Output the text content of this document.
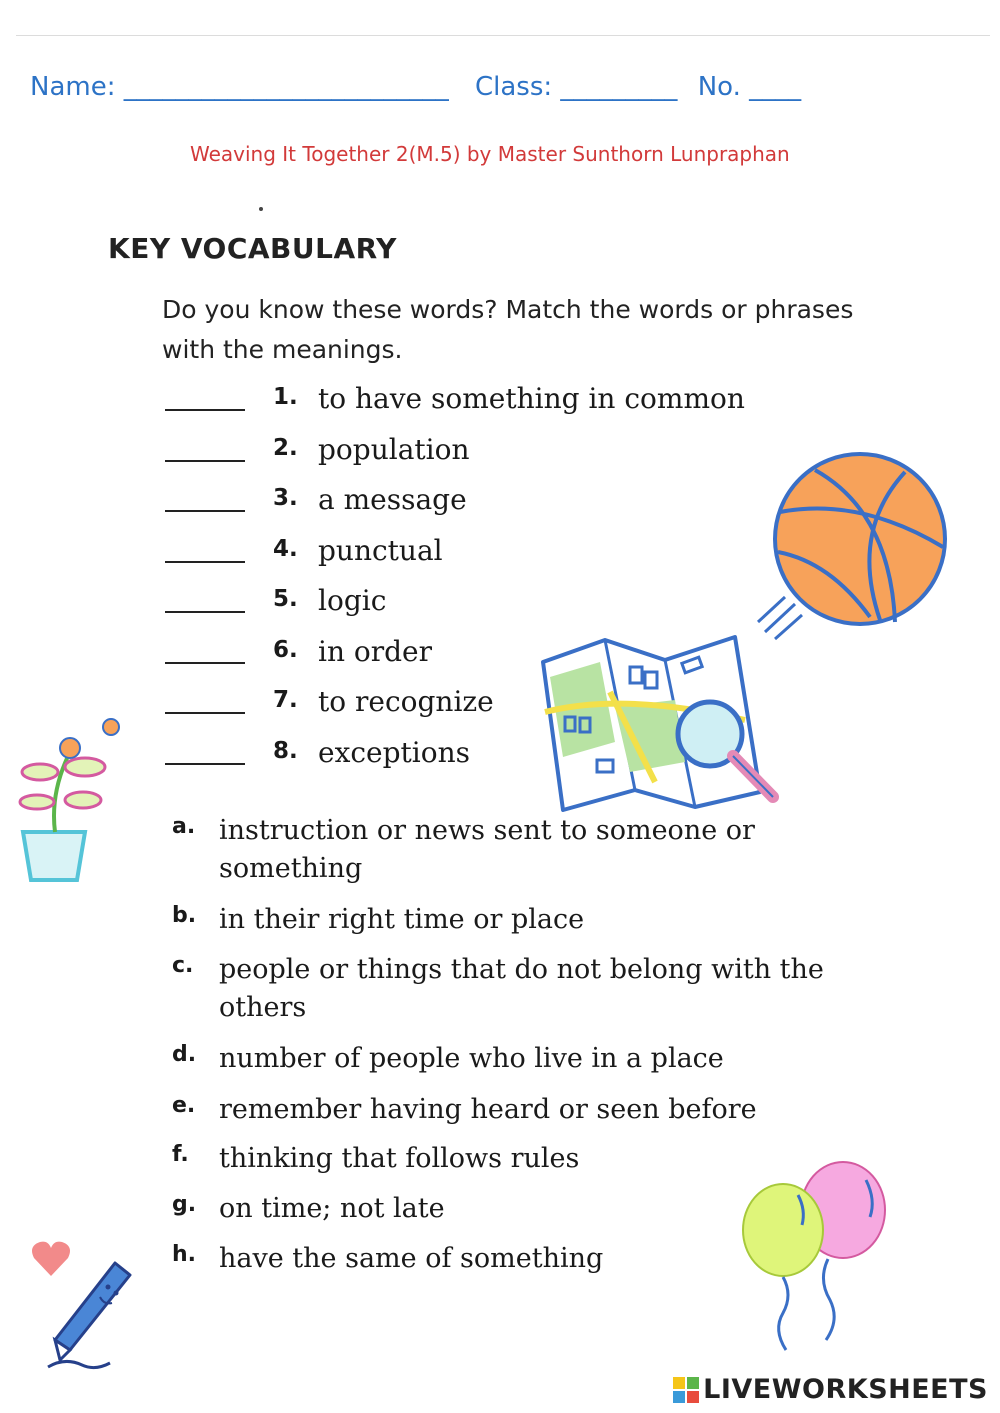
Name: _________________________ Class: _________ No. ____
Weaving It Together 2(M.5) by Master Sunthorn Lunpraphan
KEY VOCABULARY
Do you know these words? Match the words or phrases with the meanings.
1. to have something in common
2. population
3. a message
4. punctual
5. logic
6. in order
7. to recognize
8. exceptions
a. instruction or news sent to someone or something
b. in their right time or place
c. people or things that do not belong with the others
d. number of people who live in a place
e. remember having heard or seen before
f. thinking that follows rules
g. on time; not late
h. have the same of something
LIVEWORKSHEETS
